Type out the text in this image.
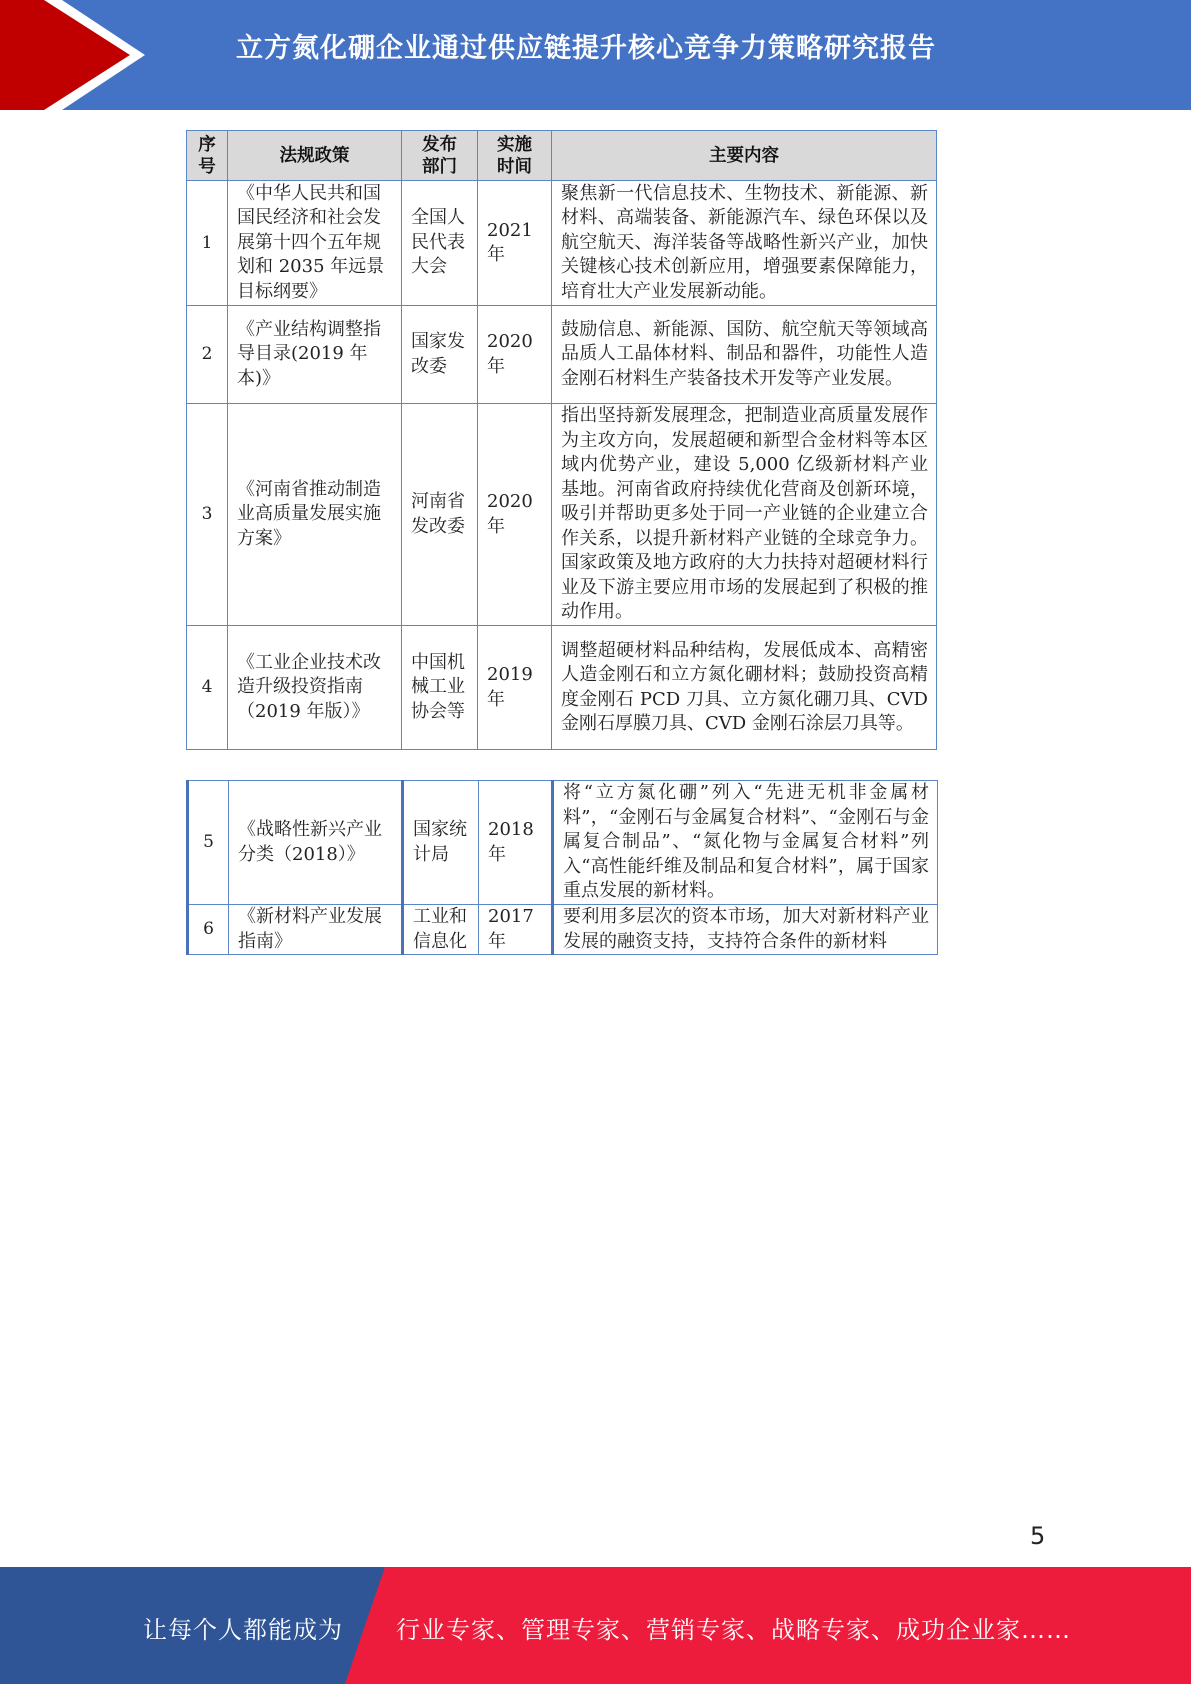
立方氮化硼企业通过供应链提升核心竞争力策略研究报告
序号	法规政策	发布部门	实施时间	主要内容
1	《中华人民共和国国民经济和社会发展第十四个五年规划和 2035 年远景目标纲要》	全国人民代表大会	2021 年	聚焦新一代信息技术、生物技术、新能源、新材料、高端装备、新能源汽车、绿色环保以及航空航天、海洋装备等战略性新兴产业，加快关键核心技术创新应用，增强要素保障能力，培育壮大产业发展新动能。
2	《产业结构调整指导目录(2019 年本)》	国家发改委	2020 年	鼓励信息、新能源、国防、航空航天等领域高品质人工晶体材料、制品和器件，功能性人造金刚石材料生产装备技术开发等产业发展。
3	《河南省推动制造业高质量发展实施方案》	河南省发改委	2020 年	指出坚持新发展理念，把制造业高质量发展作为主攻方向，发展超硬和新型合金材料等本区域内优势产业，建设 5,000 亿级新材料产业基地。河南省政府持续优化营商及创新环境，吸引并帮助更多处于同一产业链的企业建立合作关系，以提升新材料产业链的全球竞争力。国家政策及地方政府的大力扶持对超硬材料行业及下游主要应用市场的发展起到了积极的推动作用。
4	《工业企业技术改造升级投资指南（2019 年版）》	中国机械工业协会等	2019 年	调整超硬材料品种结构，发展低成本、高精密人造金刚石和立方氮化硼材料；鼓励投资高精度金刚石 PCD 刀具、立方氮化硼刀具、CVD 金刚石厚膜刀具、CVD 金刚石涂层刀具等。
5	《战略性新兴产业分类（2018）》	国家统计局	2018 年	将“立方氮化硼”列入“先进无机非金属材料”，“金刚石与金属复合材料”、“金刚石与金属复合制品”、“氮化物与金属复合材料”列入“高性能纤维及制品和复合材料”，属于国家重点发展的新材料。
6	《新材料产业发展指南》	工业和信息化	2017 年	要利用多层次的资本市场，加大对新材料产业发展的融资支持，支持符合条件的新材料
5
让每个人都能成为 行业专家、管理专家、营销专家、战略专家、成功企业家……
